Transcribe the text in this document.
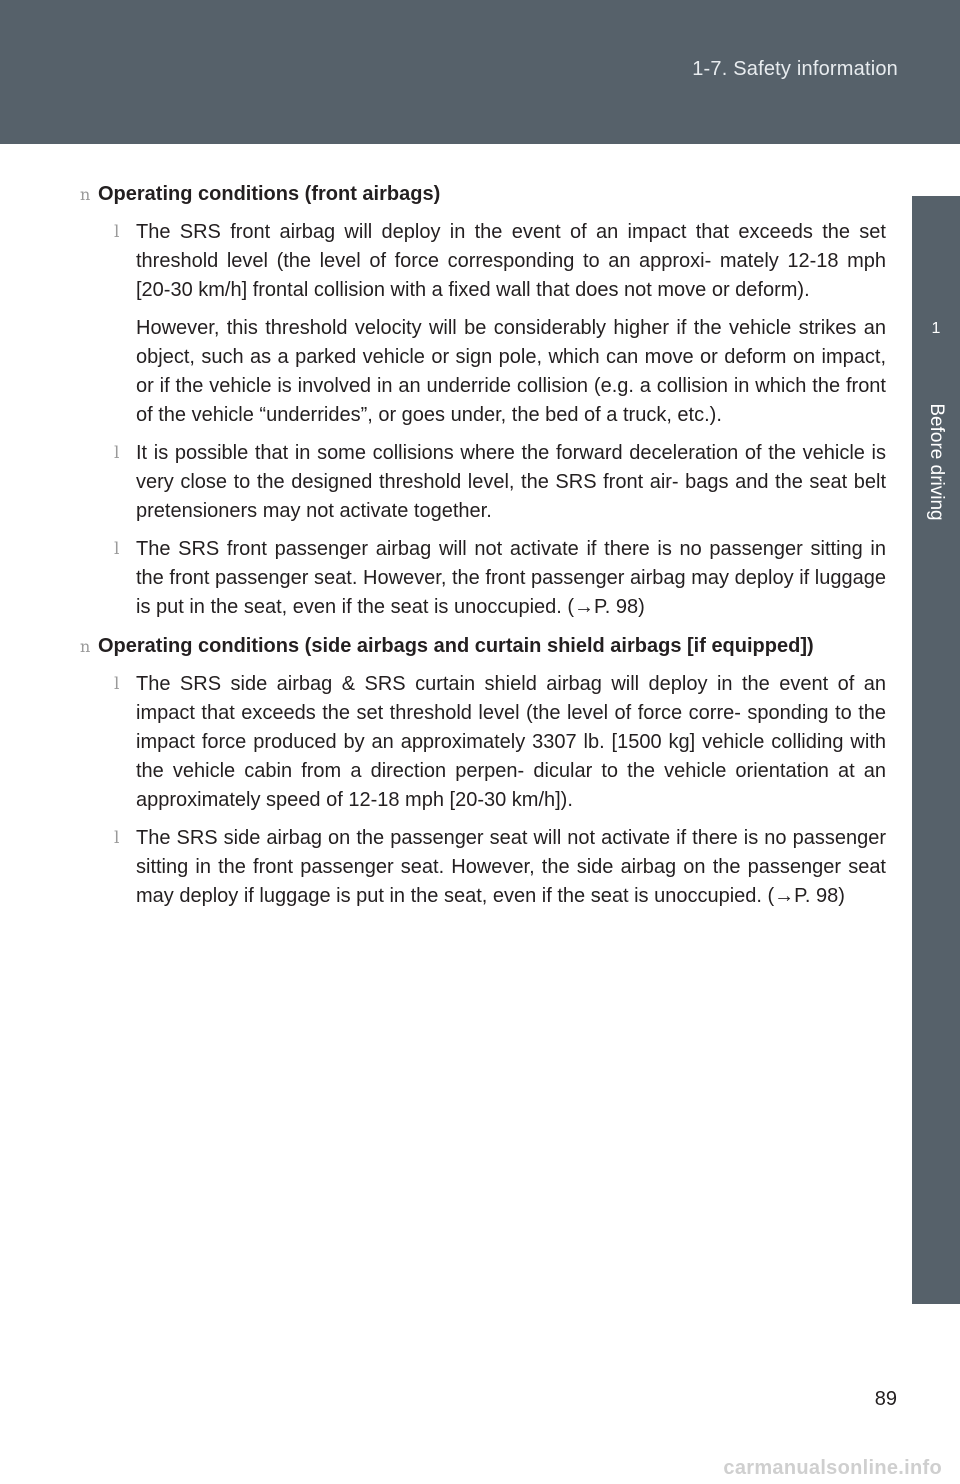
1-7. Safety information
1
Before driving
n Operating conditions (front airbags)
l The SRS front airbag will deploy in the event of an impact that exceeds the set threshold level (the level of force corresponding to an approxi- mately 12-18 mph [20-30 km/h] frontal collision with a fixed wall that does not move or deform).
However, this threshold velocity will be considerably higher if the vehicle strikes an object, such as a parked vehicle or sign pole, which can move or deform on impact, or if the vehicle is involved in an underride collision (e.g. a collision in which the front of the vehicle “underrides”, or goes under, the bed of a truck, etc.).
l It is possible that in some collisions where the forward deceleration of the vehicle is very close to the designed threshold level, the SRS front air- bags and the seat belt pretensioners may not activate together.
l The SRS front passenger airbag will not activate if there is no passenger sitting in the front passenger seat. However, the front passenger airbag may deploy if luggage is put in the seat, even if the seat is unoccupied. (→P. 98)
n Operating conditions (side airbags and curtain shield airbags [if equipped])
l The SRS side airbag & SRS curtain shield airbag will deploy in the event of an impact that exceeds the set threshold level (the level of force corre- sponding to the impact force produced by an approximately 3307 lb. [1500 kg] vehicle colliding with the vehicle cabin from a direction perpen- dicular to the vehicle orientation at an approximately speed of 12-18 mph [20-30 km/h]).
l The SRS side airbag on the passenger seat will not activate if there is no passenger sitting in the front passenger seat. However, the side airbag on the passenger seat may deploy if luggage is put in the seat, even if the seat is unoccupied. (→P. 98)
89
carmanualsonline.info
